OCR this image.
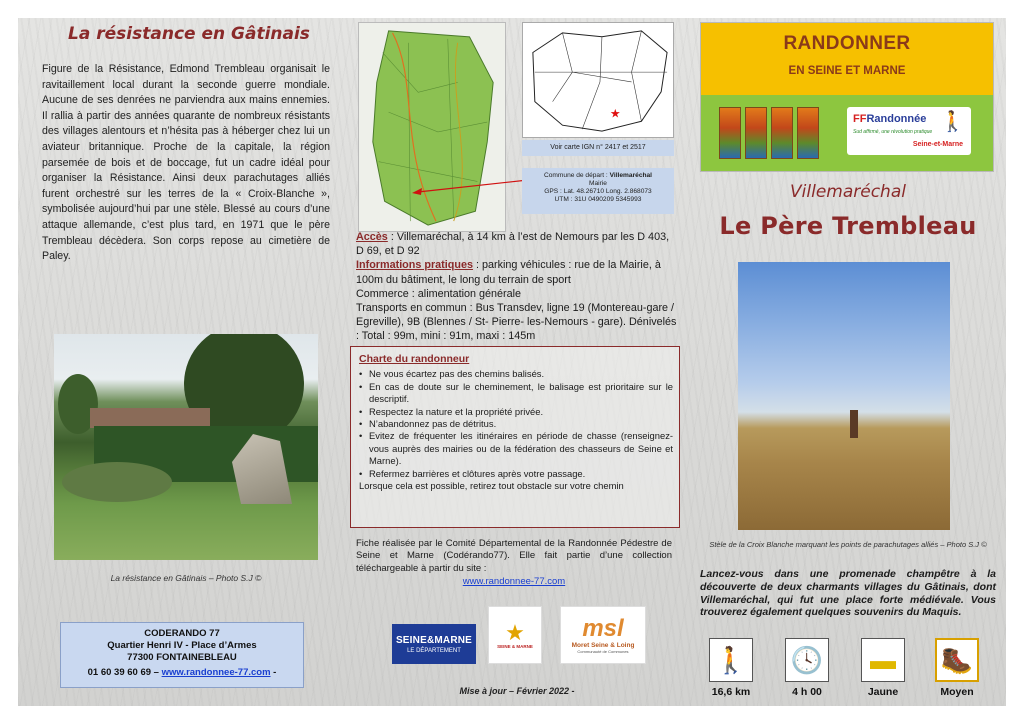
La résistance en Gâtinais
Figure de la Résistance, Edmond Trembleau organisait le ravitaillement local durant la seconde guerre mondiale. Aucune de ses denrées ne parviendra aux mains ennemies. Il rallia à partir des années quarante de nombreux résistants des villages alentours et n’hésita pas à héberger chez lui un aviateur britannique. Proche de la capitale, la région parsemée de bois et de boccage, fut un cadre idéal pour organiser la Résistance. Ainsi deux parachutages alliés furent orchestré sur les terres de la « Croix-Blanche », symbolisée aujourd’hui par une stèle. Blessé au cours d’une attaque allemande, c’est plus tard, en 1971 que le père Trembleau décèdera. Son corps repose au cimetière de Paley.
La résistance en Gâtinais – Photo S.J ©
CODERANDO 77
Quartier Henri IV - Place d’Armes
77300 FONTAINEBLEAU
01 60 39 60 69 – www.randonnee-77.com -
★
Voir carte IGN n° 2417 et 2517
Commune de départ : Villemaréchal
Mairie
GPS : Lat. 48.26710 Long. 2.868073
UTM : 31U 0490209 5345993
Accès : Villemaréchal, à 14 km à l’est de Nemours par les D 403, D 69, et D 92
Informations pratiques : parking véhicules : rue de la Mairie, à 100m du bâtiment, le long du terrain de sport
Commerce : alimentation générale
Transports en commun : Bus Transdev, ligne 19 (Montereau-gare / Egreville), 9B (Blennes / St- Pierre- les-Nemours - gare). Dénivelés : Total : 99m, mini : 91m, maxi : 145m
Charte du randonneur
• Ne vous écartez pas des chemins balisés.
• En cas de doute sur le cheminement, le balisage est prioritaire sur le descriptif.
• Respectez la nature et la propriété privée.
• N’abandonnez pas de détritus.
• Evitez de fréquenter les itinéraires en période de chasse (renseignez-vous auprès des mairies ou de la fédération des chasseurs de Seine et Marne).
• Refermez barrières et clôtures après votre passage.
Lorsque cela est possible, retirez tout obstacle sur votre chemin
Fiche réalisée par le Comité Départemental de la Randonnée Pédestre de Seine et Marne (Codérando77). Elle fait partie d’une collection téléchargeable à partir du site :
www.randonnee-77.com
SEINE&MARNE
LE DÉPARTEMENT
★
SEINE & MARNE
msl
Moret Seine & Loing
Communauté de Communes
Mise à jour – Février 2022 -
RANDONNER
EN SEINE ET MARNE
FFRandonnée 🚶
Sud affirmé, une révolution pratique
Seine-et-Marne
Villemaréchal
Le Père Trembleau
Stèle de la Croix Blanche marquant les points de parachutages alliés – Photo S.J ©
Lancez-vous dans une promenade champêtre à la découverte de deux charmants villages du Gâtinais, dont Villemaréchal, qui fut une place forte médiévale. Vous trouverez également quelques souvenirs du Maquis.
🚶
16,6 km
🕓
4 h 00
▬
Jaune
🥾
Moyen
